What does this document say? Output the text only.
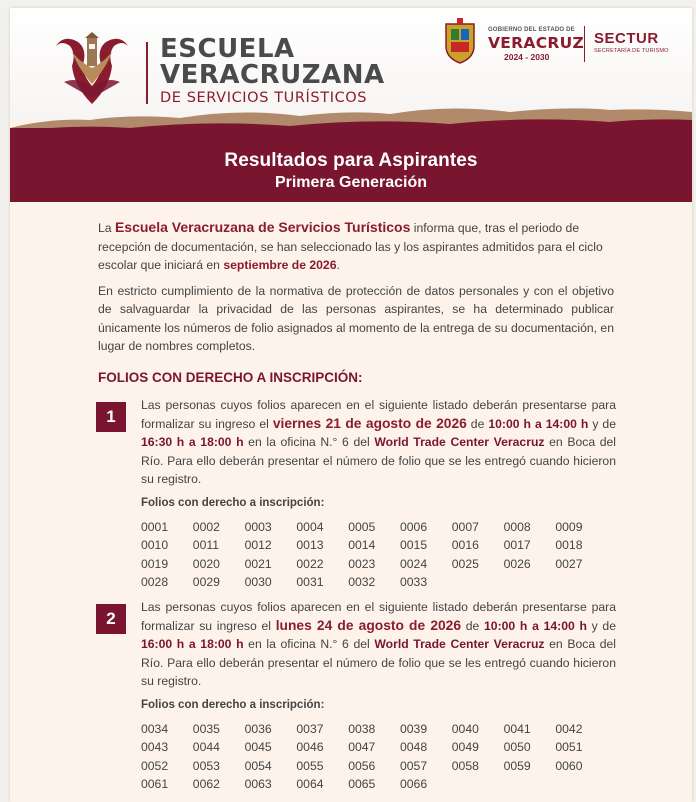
ESCUELA
VERACRUZANA
DE SERVICIOS TURÍSTICOS
GOBIERNO DEL ESTADO DE
VERACRUZ
2024 - 2030
SECTUR
SECRETARÍA DE TURISMO
Resultados para Aspirantes
Primera Generación

La Escuela Veracruzana de Servicios Turísticos informa que, tras el periodo de recepción de documentación, se han seleccionado las y los aspirantes admitidos para el ciclo escolar que iniciará en septiembre de 2026.

En estricto cumplimiento de la normativa de protección de datos personales y con el objetivo de salvaguardar la privacidad de las personas aspirantes, se ha determinado publicar únicamente los números de folio asignados al momento de la entrega de su documentación, en lugar de nombres completos.

FOLIOS CON DERECHO A INSCRIPCIÓN:
1
Las personas cuyos folios aparecen en el siguiente listado deberán presentarse para formalizar su ingreso el viernes 21 de agosto de 2026 de 10:00 h a 14:00 h y de 16:30 h a 18:00 h en la oficina N.° 6 del World Trade Center Veracruz en Boca del Río. Para ello deberán presentar el número de folio que se les entregó cuando hicieron su registro.
Folios con derecho a inscripción:
0001	0002	0003	0004	0005	0006	0007	0008	0009
0010	0011	0012	0013	0014	0015	0016	0017	0018
0019	0020	0021	0022	0023	0024	0025	0026	0027
0028	0029	0030	0031	0032	0033
2
Las personas cuyos folios aparecen en el siguiente listado deberán presentarse para formalizar su ingreso el lunes 24 de agosto de 2026 de 10:00 h a 14:00 h y de 16:00 h a 18:00 h en la oficina N.° 6 del World Trade Center Veracruz en Boca del Río. Para ello deberán presentar el número de folio que se les entregó cuando hicieron su registro.
Folios con derecho a inscripción:
0034	0035	0036	0037	0038	0039	0040	0041	0042
0043	0044	0045	0046	0047	0048	0049	0050	0051
0052	0053	0054	0055	0056	0057	0058	0059	0060
0061	0062	0063	0064	0065	0066
